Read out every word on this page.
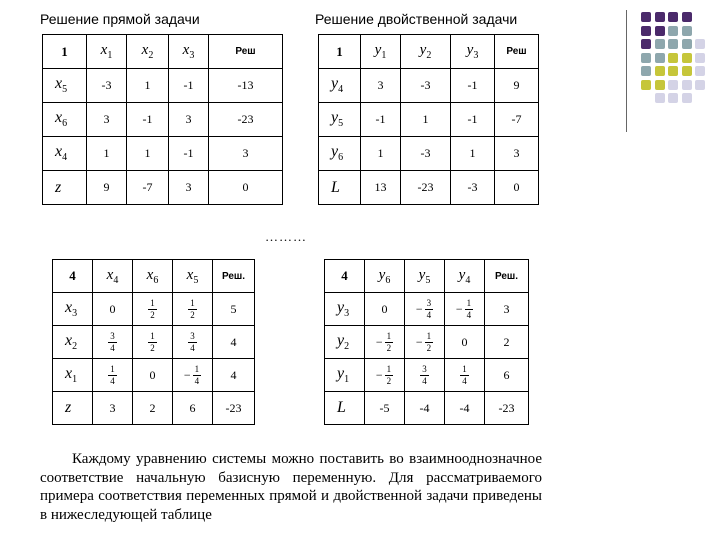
Решение прямой задачи	Решение двойственной задачи
1	$x_1$	$x_2$	$x_3$	Реш
$x_5$	-3	1	-1	-13
$x_6$	3	-1	3	-23
$x_4$	1	1	-1	3
z	9	-7	3	0
1	$y_1$	$y_2$	$y_3$	Реш
$y_4$	3	-3	-1	9
$y_5$	-1	1	-1	-7
$y_6$	1	-3	1	3
L	13	-23	-3	0
………
4	$x_4$	$x_6$	$x_5$	Реш.
$x_3$	0	$\frac{1}{2}$	$\frac{1}{2}$	5
$x_2$	$\frac{3}{4}$	$\frac{1}{2}$	$\frac{3}{4}$	4
$x_1$	$\frac{1}{4}$	0	− $\frac{1}{4}$	4
z	3	2	6	-23
4	$y_6$	$y_5$	$y_4$	Реш.
$y_3$	0	− $\frac{3}{4}$	− $\frac{1}{4}$	3
$y_2$	− $\frac{1}{2}$	− $\frac{1}{2}$	0	2
$y_1$	− $\frac{1}{2}$	$\frac{3}{4}$	$\frac{1}{4}$	6
L	-5	-4	-4	-23

Каждому уравнению системы можно поставить во взаимнооднозначное соответствие начальную базисную переменную. Для рассматриваемого примера соответствия переменных прямой и двойственной задачи приведены в нижеследующей таблице
